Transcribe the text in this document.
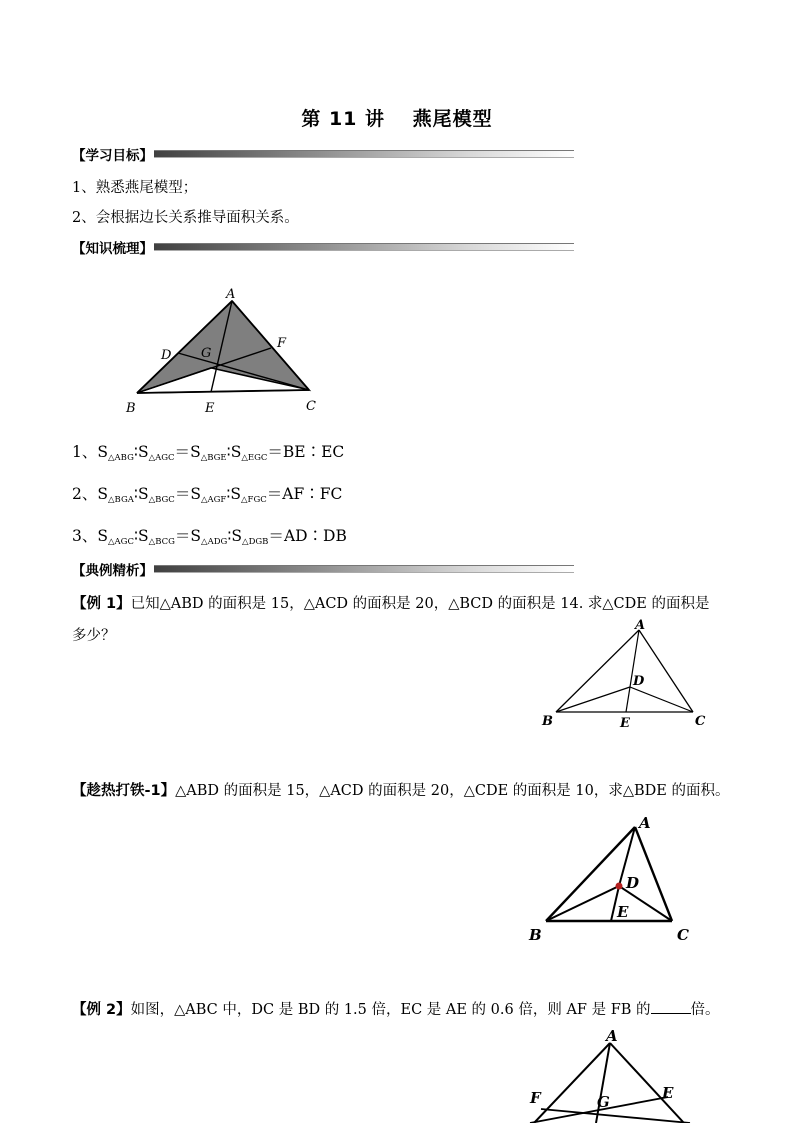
第 11 讲　 燕尾模型
【学习目标】
1、熟悉燕尾模型；
2、会根据边长关系推导面积关系。
【知识梳理】
A
B	C
D
E
F
G
1、S△ABG∶S△AGC＝S△BGE∶S△EGC＝BE∶EC
2、S△BGA∶S△BGC＝S△AGF∶S△FGC＝AF∶FC
3、S△AGC∶S△BCG＝S△ADG∶S△DGB＝AD∶DB
【典例精析】
【例 1】已知△ABD 的面积是 15，△ACD 的面积是 20，△BCD 的面积是 14. 求△CDE 的面积是
多少？
A
B	C
D
E
【趁热打铁-1】△ABD 的面积是 15，△ACD 的面积是 20，△CDE 的面积是 10，求△BDE 的面积。
A
B	C
D
E
【例 2】如图，△ABC 中，DC 是 BD 的 1.5 倍，EC 是 AE 的 0.6 倍，则 AF 是 FB 的	倍。
A
F	G	E
